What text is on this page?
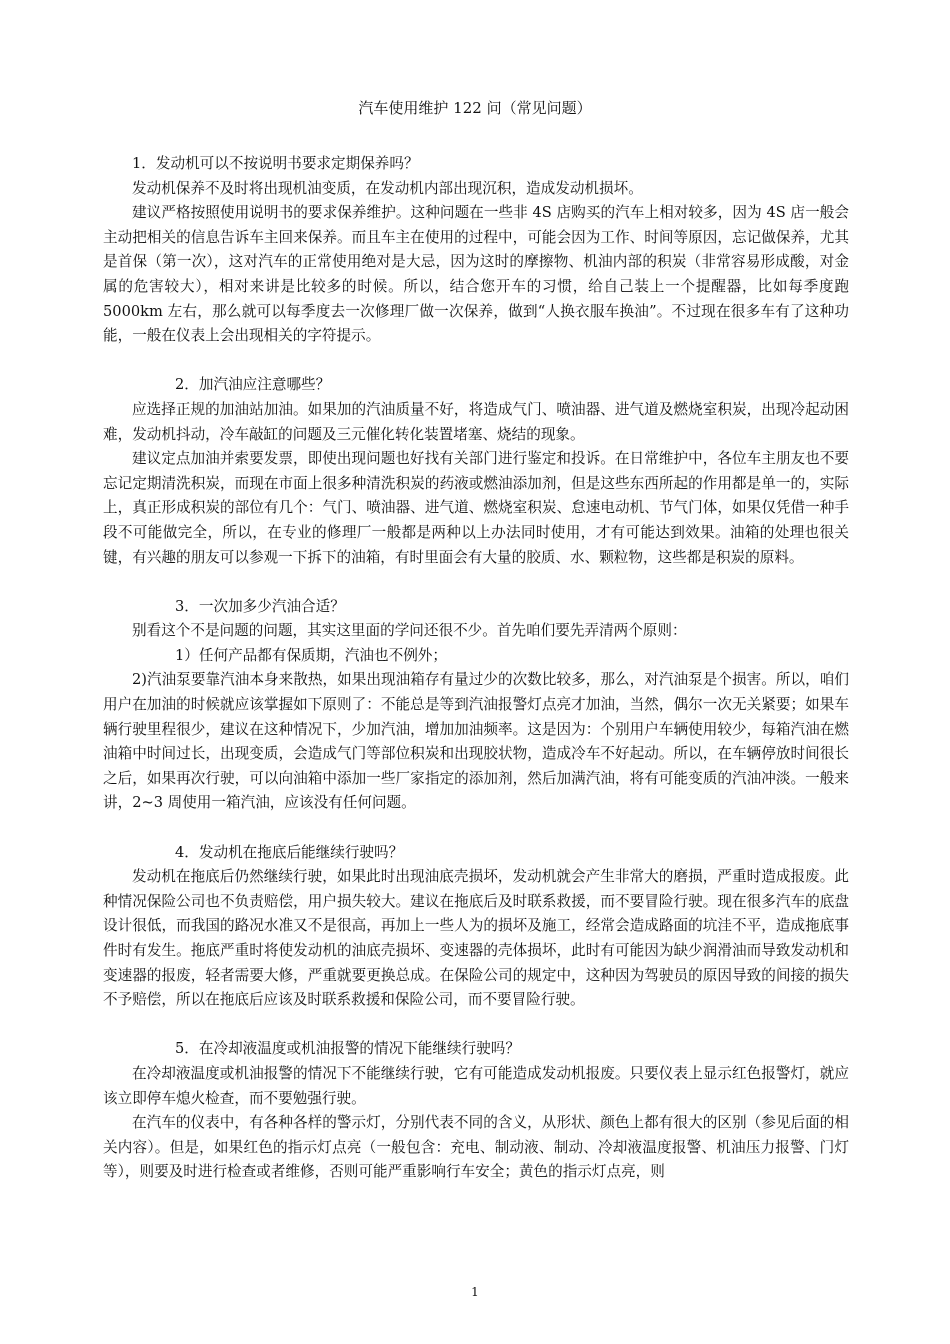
汽车使用维护 122 问（常见问题）

1．发动机可以不按说明书要求定期保养吗？

发动机保养不及时将出现机油变质，在发动机内部出现沉积，造成发动机损坏。

建议严格按照使用说明书的要求保养维护。这种问题在一些非 4S 店购买的汽车上相对较多，因为 4S 店一般会主动把相关的信息告诉车主回来保养。而且车主在使用的过程中，可能会因为工作、时间等原因，忘记做保养，尤其是首保（第一次），这对汽车的正常使用绝对是大忌，因为这时的摩擦物、机油内部的积炭（非常容易形成酸，对金属的危害较大），相对来讲是比较多的时候。所以，结合您开车的习惯，给自己装上一个提醒器，比如每季度跑 5000km 左右，那么就可以每季度去一次修理厂做一次保养，做到“人换衣服车换油”。不过现在很多车有了这种功能，一般在仪表上会出现相关的字符提示。

2．加汽油应注意哪些？

应选择正规的加油站加油。如果加的汽油质量不好，将造成气门、喷油器、进气道及燃烧室积炭，出现冷起动困难，发动机抖动，冷车敲缸的问题及三元催化转化装置堵塞、烧结的现象。

建议定点加油并索要发票，即使出现问题也好找有关部门进行鉴定和投诉。在日常维护中，各位车主朋友也不要忘记定期清洗积炭，而现在市面上很多种清洗积炭的药液或燃油添加剂，但是这些东西所起的作用都是单一的，实际上，真正形成积炭的部位有几个：气门、喷油器、进气道、燃烧室积炭、怠速电动机、节气门体，如果仅凭借一种手段不可能做完全，所以，在专业的修理厂一般都是两种以上办法同时使用，才有可能达到效果。油箱的处理也很关键，有兴趣的朋友可以参观一下拆下的油箱，有时里面会有大量的胶质、水、颗粒物，这些都是积炭的原料。

3．一次加多少汽油合适？

别看这个不是问题的问题，其实这里面的学问还很不少。首先咱们要先弄清两个原则：

1）任何产品都有保质期，汽油也不例外；

2)汽油泵要靠汽油本身来散热，如果出现油箱存有量过少的次数比较多，那么，对汽油泵是个损害。所以，咱们用户在加油的时候就应该掌握如下原则了：不能总是等到汽油报警灯点亮才加油，当然，偶尔一次无关紧要；如果车辆行驶里程很少，建议在这种情况下，少加汽油，增加加油频率。这是因为：个别用户车辆使用较少，每箱汽油在燃油箱中时间过长，出现变质，会造成气门等部位积炭和出现胶状物，造成冷车不好起动。所以，在车辆停放时间很长之后，如果再次行驶，可以向油箱中添加一些厂家指定的添加剂，然后加满汽油，将有可能变质的汽油冲淡。一般来讲，2~3 周使用一箱汽油，应该没有任何问题。

4．发动机在拖底后能继续行驶吗？

发动机在拖底后仍然继续行驶，如果此时出现油底壳损坏，发动机就会产生非常大的磨损，严重时造成报废。此种情况保险公司也不负责赔偿，用户损失较大。建议在拖底后及时联系救援，而不要冒险行驶。现在很多汽车的底盘设计很低，而我国的路况水准又不是很高，再加上一些人为的损坏及施工，经常会造成路面的坑洼不平，造成拖底事件时有发生。拖底严重时将使发动机的油底壳损坏、变速器的壳体损坏，此时有可能因为缺少润滑油而导致发动机和变速器的报废，轻者需要大修，严重就要更换总成。在保险公司的规定中，这种因为驾驶员的原因导致的间接的损失不予赔偿，所以在拖底后应该及时联系救援和保险公司，而不要冒险行驶。

5．在冷却液温度或机油报警的情况下能继续行驶吗？

在冷却液温度或机油报警的情况下不能继续行驶，它有可能造成发动机报废。只要仪表上显示红色报警灯，就应该立即停车熄火检查，而不要勉强行驶。

在汽车的仪表中，有各种各样的警示灯，分别代表不同的含义，从形状、颜色上都有很大的区别（参见后面的相关内容）。但是，如果红色的指示灯点亮（一般包含：充电、制动液、制动、冷却液温度报警、机油压力报警、门灯等），则要及时进行检查或者维修，否则可能严重影响行车安全；黄色的指示灯点亮，则

1
